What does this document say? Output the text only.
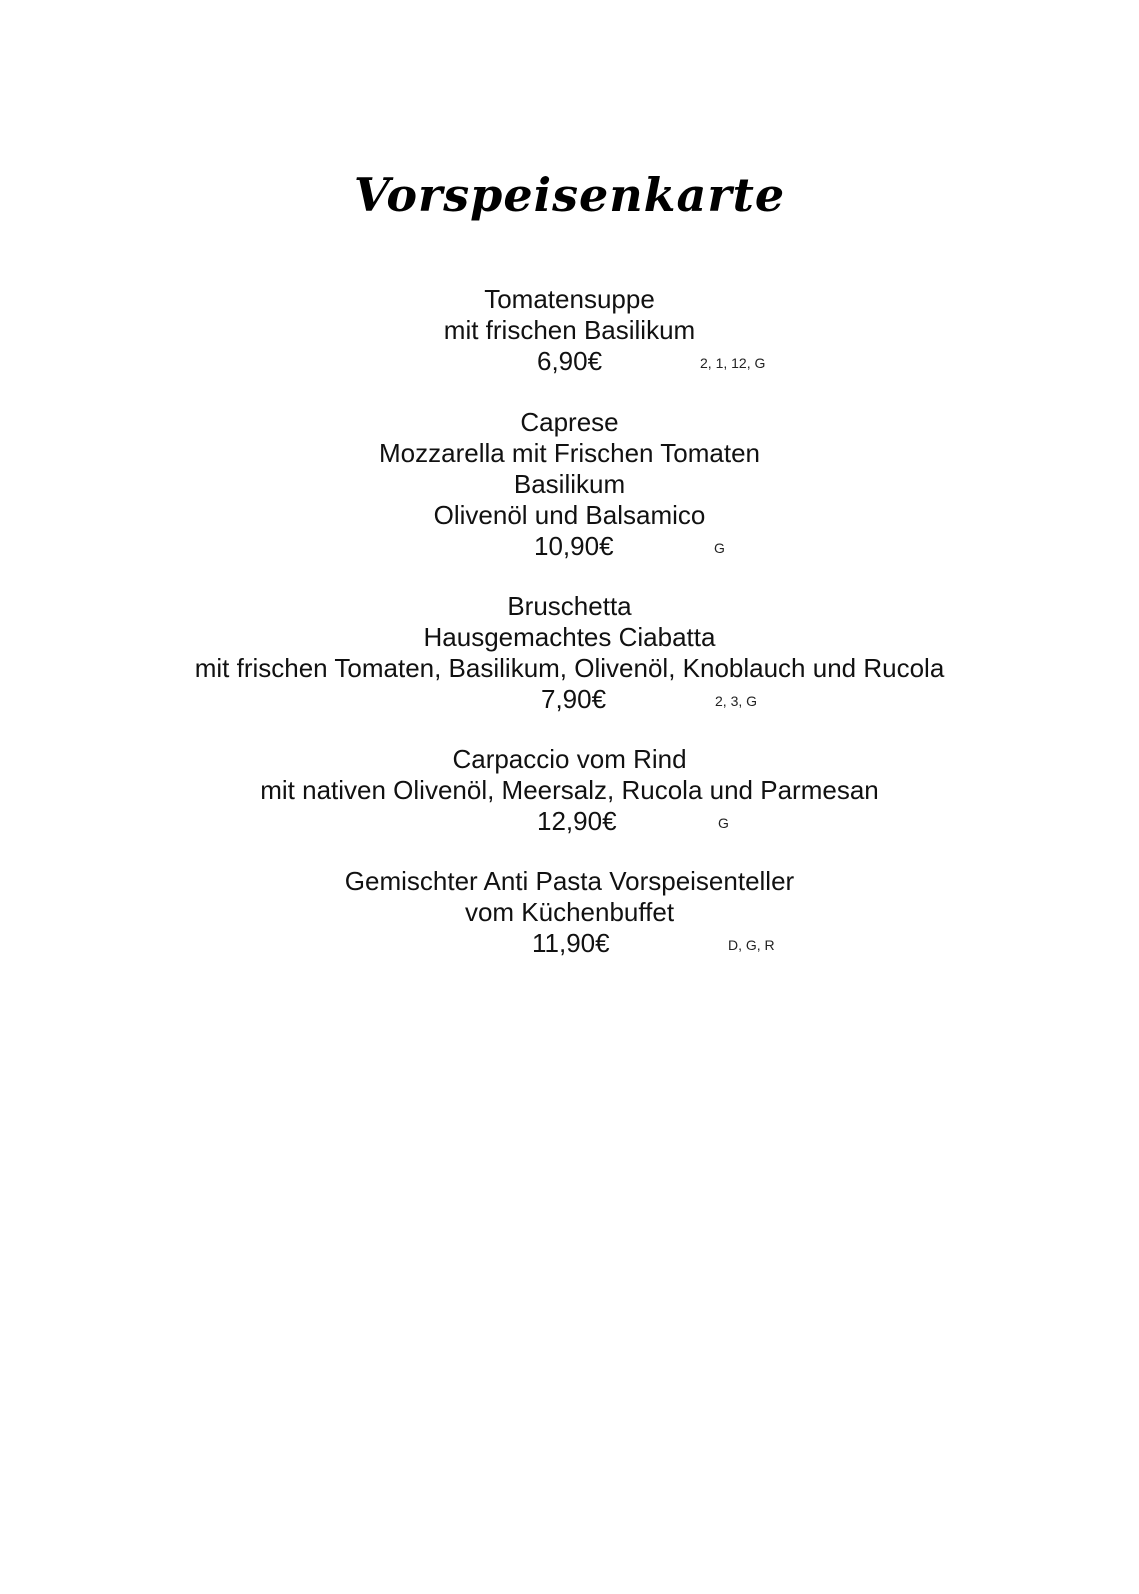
Vorspeisenkarte
Tomatensuppe
mit frischen Basilikum
6,90€	2, 1, 12, G
Caprese
Mozzarella mit Frischen Tomaten
Basilikum
Olivenöl und Balsamico
10,90€	G
Bruschetta
Hausgemachtes Ciabatta
mit frischen Tomaten, Basilikum, Olivenöl, Knoblauch und Rucola
7,90€	2, 3, G
Carpaccio vom Rind
mit nativen Olivenöl, Meersalz, Rucola und Parmesan
12,90€	G
Gemischter Anti Pasta Vorspeisenteller
vom Küchenbuffet
11,90€	D, G, R
